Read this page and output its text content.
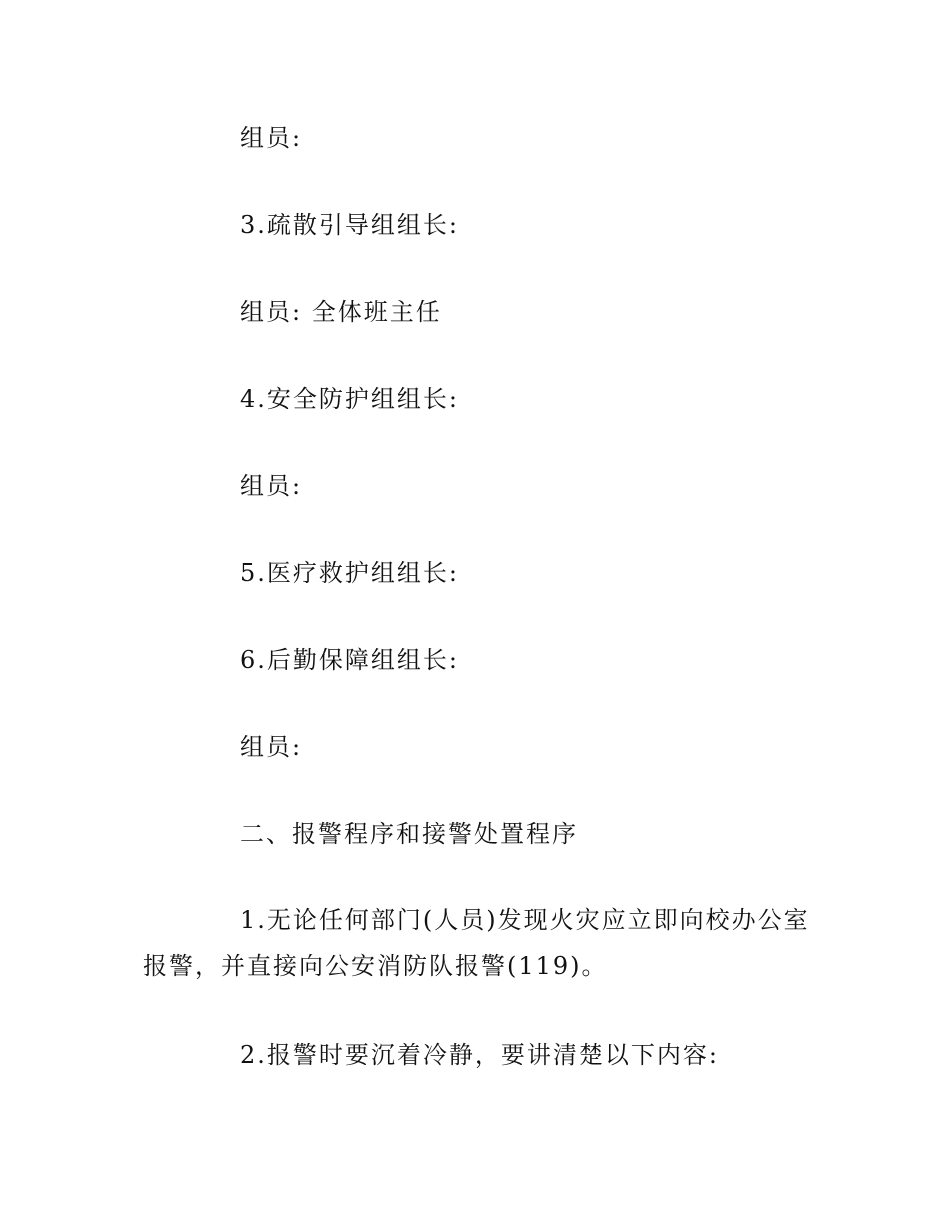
组员:

3.疏散引导组组长:

组员: 全体班主任

4.安全防护组组长:

组员:

5.医疗救护组组长:

6.后勤保障组组长:

组员:

二、报警程序和接警处置程序

1.无论任何部门(人员)发现火灾应立即向校办公室
报警，并直接向公安消防队报警(119)。

2.报警时要沉着冷静，要讲清楚以下内容:
